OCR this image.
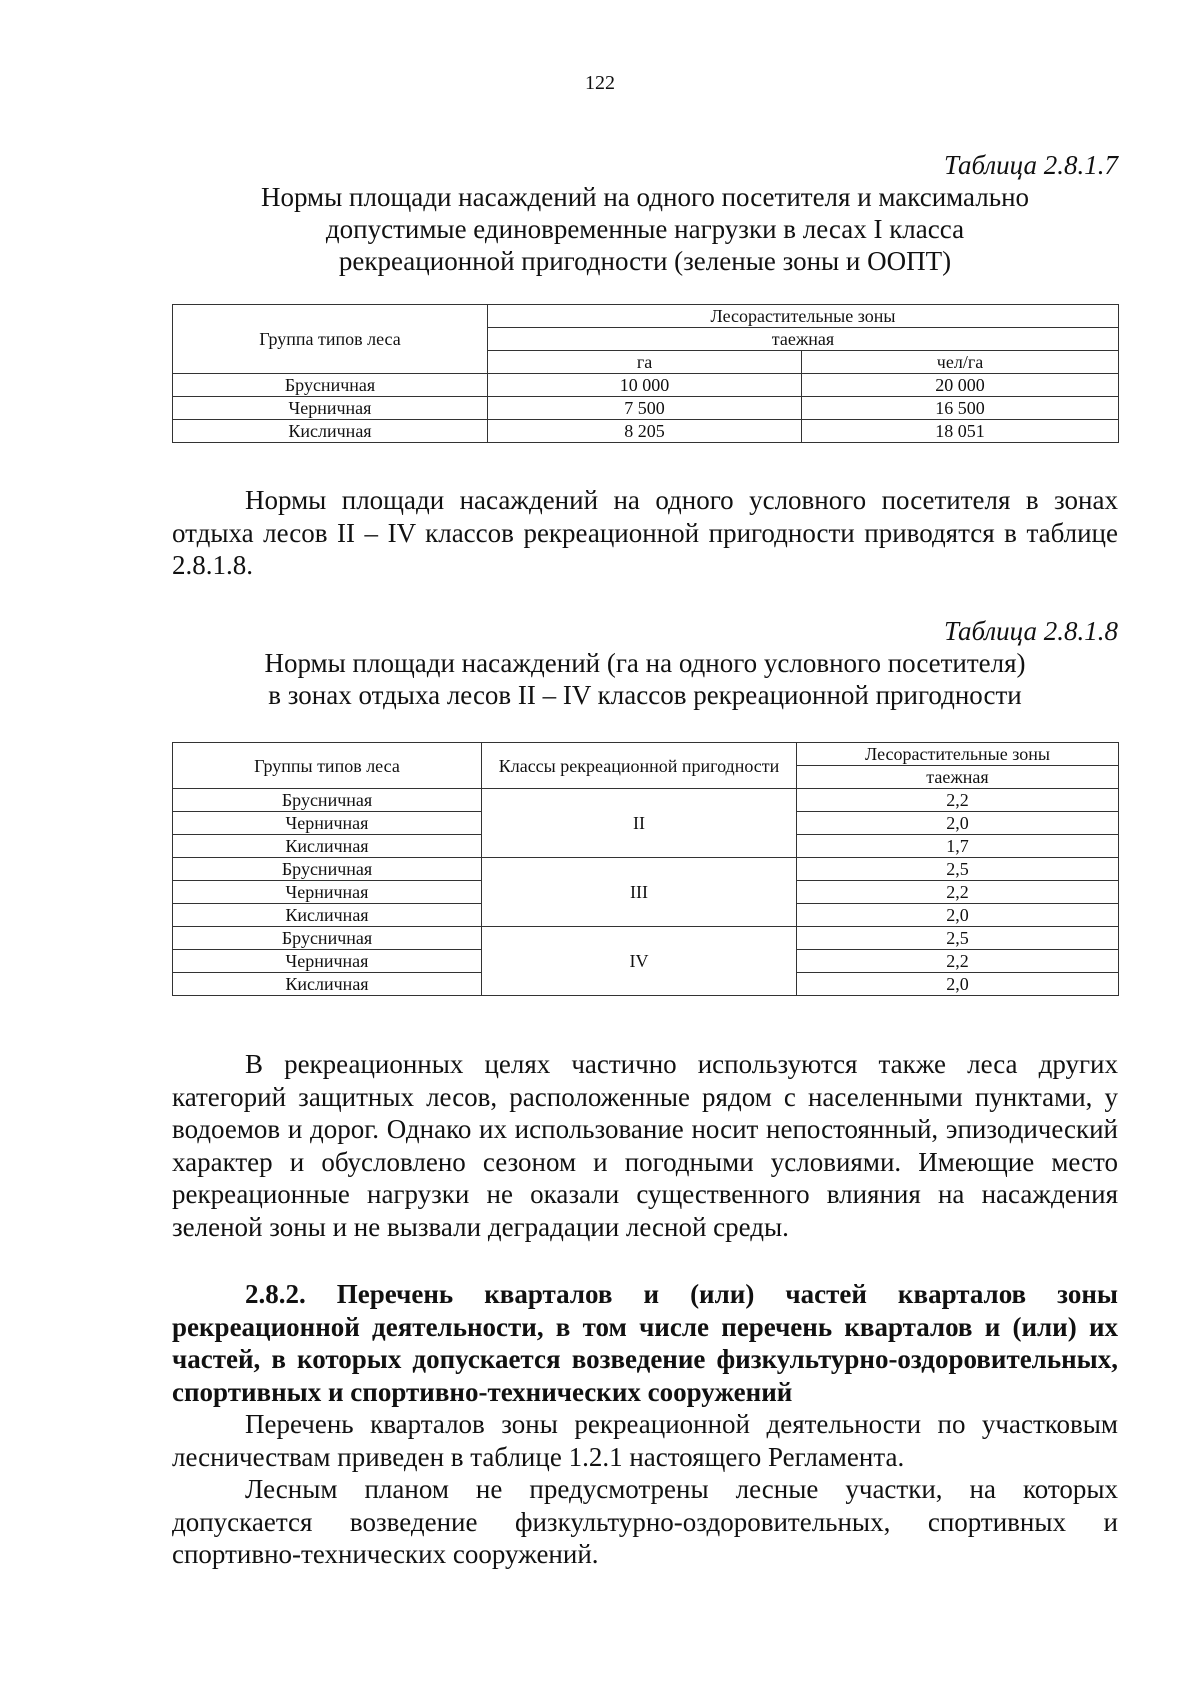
122
Таблица 2.8.1.7
Нормы площади насаждений на одного посетителя и максимально
допустимые единовременные нагрузки в лесах I класса
рекреационной пригодности (зеленые зоны и ООПТ)
Группа типов леса	Лесорастительные зоны	
	таежная	
	га	чел/га
Брусничная	10 000	20 000
Черничная	7 500	16 500
Кисличная	8 205	18 051
Нормы площади насаждений на одного условного посетителя в зонах отдыха лесов II – IV классов рекреационной пригодности приводятся в таблице 2.8.1.8.
Таблица 2.8.1.8
Нормы площади насаждений (га на одного условного посетителя)
в зонах отдыха лесов II – IV классов рекреационной пригодности
Группы типов леса	Классы рекреационной пригодности	Лесорастительные зоны
		таежная
Брусничная	II	2,2
Черничная		2,0
Кисличная		1,7
Брусничная	III	2,5
Черничная		2,2
Кисличная		2,0
Брусничная	IV	2,5
Черничная		2,2
Кисличная		2,0
В рекреационных целях частично используются также леса других категорий защитных лесов, расположенные рядом с населенными пунктами, у водоемов и дорог. Однако их использование носит непостоянный, эпизодический характер и обусловлено сезоном и погодными условиями. Имеющие место рекреационные нагрузки не оказали существенного влияния на насаждения зеленой зоны и не вызвали деградации лесной среды.
2.8.2. Перечень кварталов и (или) частей кварталов зоны рекреационной деятельности, в том числе перечень кварталов и (или) их частей, в которых допускается возведение физкультурно-оздоровительных, спортивных и спортивно-технических сооружений
Перечень кварталов зоны рекреационной деятельности по участковым лесничествам приведен в таблице 1.2.1 настоящего Регламента.
Лесным планом не предусмотрены лесные участки, на которых допускается возведение физкультурно-оздоровительных, спортивных и спортивно-технических сооружений.
